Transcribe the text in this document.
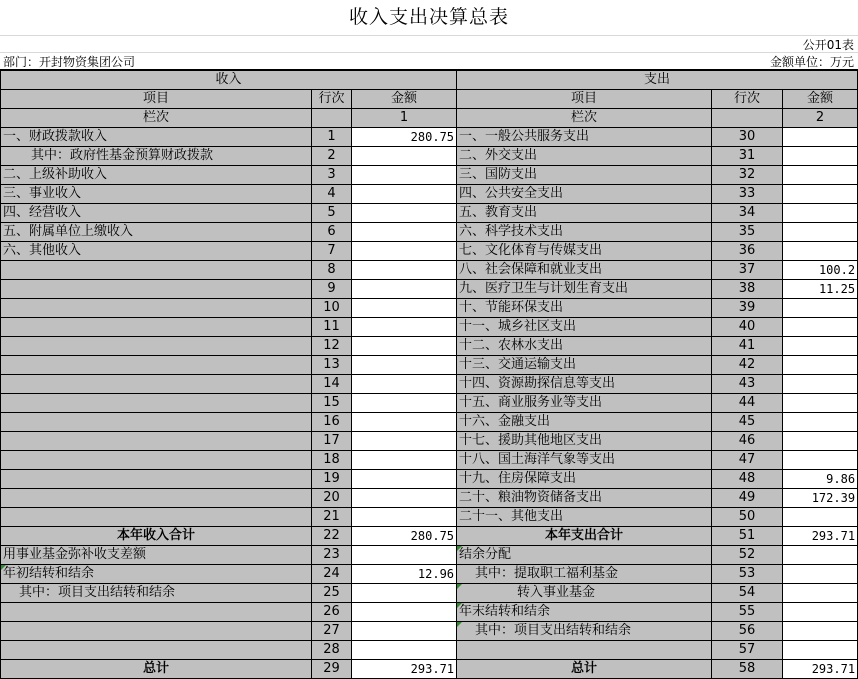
收入支出决算总表
公开01表
部门：开封物资集团公司	金额单位：万元
收入			支出		
项目	行次	金额	项目	行次	金额
栏次		1	栏次		2
一、财政拨款收入	1	280.75	一、一般公共服务支出	30	
其中：政府性基金预算财政拨款	2		二、外交支出	31	
二、上级补助收入	3		三、国防支出	32	
三、事业收入	4		四、公共安全支出	33	
四、经营收入	5		五、教育支出	34	
五、附属单位上缴收入	6		六、科学技术支出	35	
六、其他收入	7		七、文化体育与传媒支出	36	
	8		八、社会保障和就业支出	37	100.2
	9		九、医疗卫生与计划生育支出	38	11.25
	10		十、节能环保支出	39	
	11		十一、城乡社区支出	40	
	12		十二、农林水支出	41	
	13		十三、交通运输支出	42	
	14		十四、资源勘探信息等支出	43	
	15		十五、商业服务业等支出	44	
	16		十六、金融支出	45	
	17		十七、援助其他地区支出	46	
	18		十八、国土海洋气象等支出	47	
	19		十九、住房保障支出	48	9.86
	20		二十、粮油物资储备支出	49	172.39
	21		二十一、其他支出	50	
本年收入合计	22	280.75	本年支出合计	51	293.71
用事业基金弥补收支差额	23		结余分配	52	
年初结转和结余	24	12.96	其中：提取职工福利基金	53	
其中：项目支出结转和结余	25		转入事业基金	54	
	26		年末结转和结余	55	
	27		其中：项目支出结转和结余	56	
	28			57	
总计	29	293.71	总计	58	293.71
